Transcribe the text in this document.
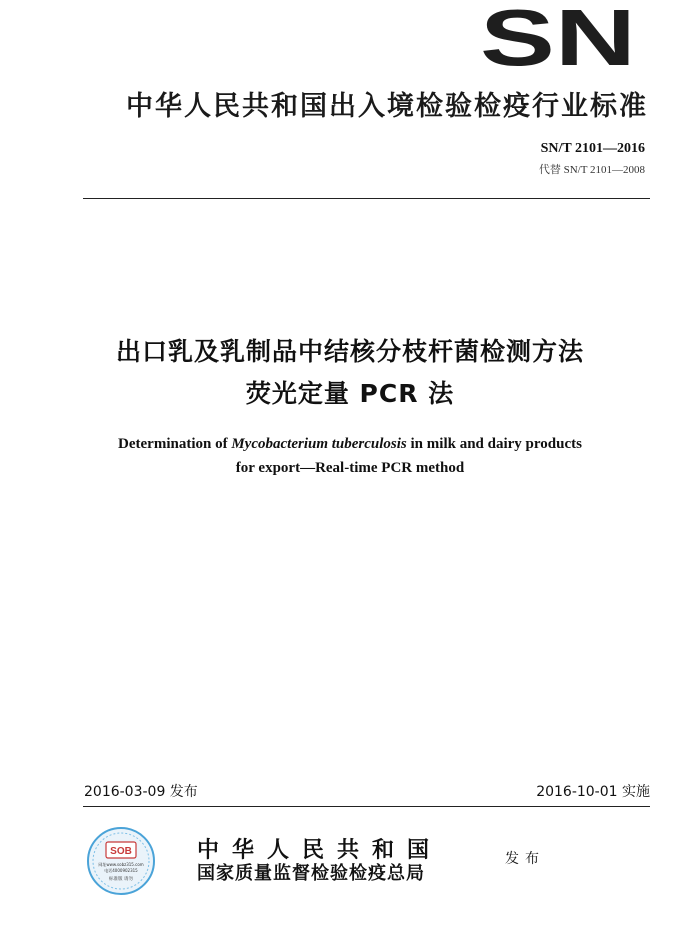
SN
中华人民共和国出入境检验检疫行业标准
SN/T 2101—2016
代替 SN/T 2101—2008
出口乳及乳制品中结核分枝杆菌检测方法
荧光定量 PCR 法
Determination of Mycobacterium tuberculosis in milk and dairy products
for export—Real-time PCR method
2016-03-09 发布	2016-10-01 实施
SOB
网址www.sobz315.com
电话4000902315
标准版 请勿
中华人民共和国
国家质量监督检验检疫总局
发布
